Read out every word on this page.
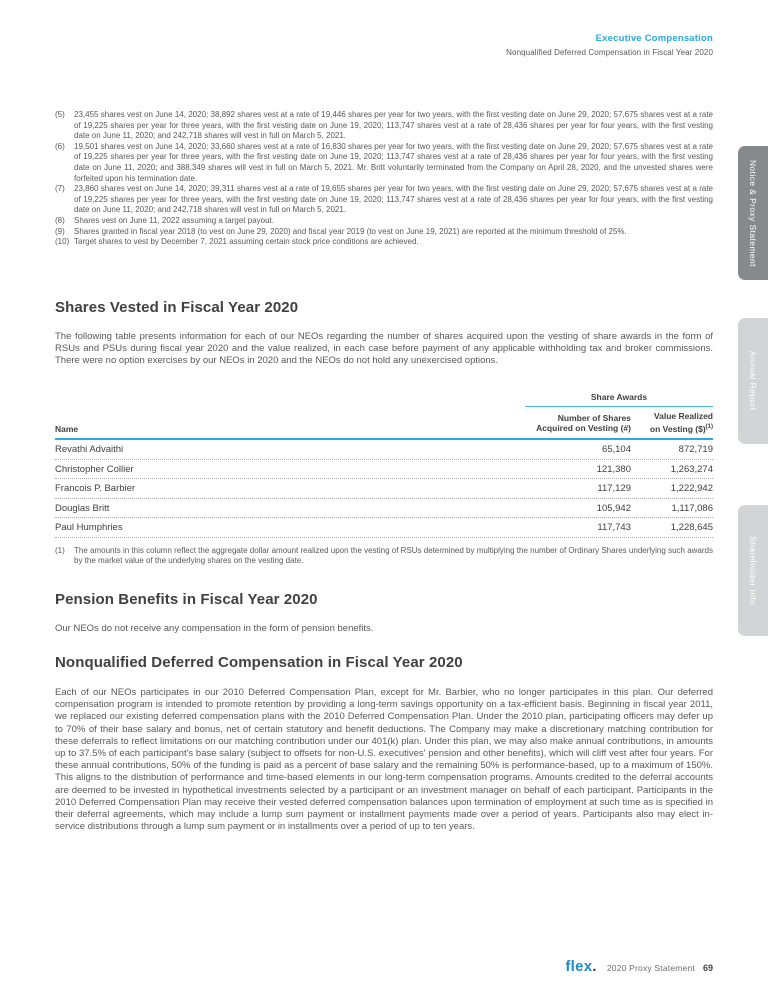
Executive Compensation
Nonqualified Deferred Compensation in Fiscal Year 2020
Notice & Proxy Statement
Annual Report
Shareholder Info
(5)	23,455 shares vest on June 14, 2020; 38,892 shares vest at a rate of 19,446 shares per year for two years, with the first vesting date on June 29, 2020; 57,675 shares vest at a rate of 19,225 shares per year for three years, with the first vesting date on June 19, 2020; 113,747 shares vest at a rate of 28,436 shares per year for four years, with the first vesting date on June 11, 2020; and 242,718 shares will vest in full on March 5, 2021.
(6)	19,501 shares vest on June 14, 2020; 33,660 shares vest at a rate of 16,830 shares per year for two years, with the first vesting date on June 29, 2020; 57,675 shares vest at a rate of 19,225 shares per year for three years, with the first vesting date on June 19, 2020; 113,747 shares vest at a rate of 28,436 shares per year for four years, with the first vesting date on June 11, 2020; and 388,349 shares will vest in full on March 5, 2021. Mr. Britt voluntarily terminated from the Company on April 28, 2020, and the unvested shares were forfeited upon his termination date.
(7)	23,860 shares vest on June 14, 2020; 39,311 shares vest at a rate of 19,655 shares per year for two years, with the first vesting date on June 29, 2020; 57,675 shares vest at a rate of 19,225 shares per year for three years, with the first vesting date on June 19, 2020; 113,747 shares vest at a rate of 28,436 shares per year for four years, with the first vesting date on June 11, 2020; and 242,718 shares will vest in full on March 5, 2021.
(8)	Shares vest on June 11, 2022 assuming a target payout.
(9)	Shares granted in fiscal year 2018 (to vest on June 29, 2020) and fiscal year 2019 (to vest on June 19, 2021) are reported at the minimum threshold of 25%.
(10) Target shares to vest by December 7, 2021 assuming certain stock price conditions are achieved.
Shares Vested in Fiscal Year 2020
The following table presents information for each of our NEOs regarding the number of shares acquired upon the vesting of share awards in the form of RSUs and PSUs during fiscal year 2020 and the value realized, in each case before payment of any applicable withholding tax and broker commissions. There were no option exercises by our NEOs in 2020 and the NEOs do not hold any unexercised options.
Share Awards
Name
Number of Shares Acquired on Vesting (#)
Value Realized on Vesting ($)$^{(1)}$
Revathi Advaithi	65,104	872,719
Christopher Collier	121,380	1,263,274
Francois P. Barbier	117,129	1,222,942
Douglas Britt	105,942	1,117,086
Paul Humphries	117,743	1,228,645
(1)	The amounts in this column reflect the aggregate dollar amount realized upon the vesting of RSUs determined by multiplying the number of Ordinary Shares underlying such awards by the market value of the underlying shares on the vesting date.
Pension Benefits in Fiscal Year 2020
Our NEOs do not receive any compensation in the form of pension benefits.
Nonqualified Deferred Compensation in Fiscal Year 2020
Each of our NEOs participates in our 2010 Deferred Compensation Plan, except for Mr. Barbier, who no longer participates in this plan. Our deferred compensation program is intended to promote retention by providing a long-term savings opportunity on a tax-efficient basis. Beginning in fiscal year 2011, we replaced our existing deferred compensation plans with the 2010 Deferred Compensation Plan. Under the 2010 plan, participating officers may defer up to 70% of their base salary and bonus, net of certain statutory and benefit deductions. The Company may make a discretionary matching contribution for these deferrals to reflect limitations on our matching contribution under our 401(k) plan. Under this plan, we may also make annual contributions, in amounts up to 37.5% of each participant's base salary (subject to offsets for non-U.S. executives' pension and other benefits), which will cliff vest after four years. For these annual contributions, 50% of the funding is paid as a percent of base salary and the remaining 50% is performance-based, up to a maximum of 150%. This aligns to the distribution of performance and time-based elements in our long-term compensation programs. Amounts credited to the deferral accounts are deemed to be invested in hypothetical investments selected by a participant or an investment manager on behalf of each participant. Participants in the 2010 Deferred Compensation Plan may receive their vested deferred compensation balances upon termination of employment at such time as is specified in their deferral agreements, which may include a lump sum payment or installment payments made over a period of years. Participants also may elect in-service distributions through a lump sum payment or in installments over a period of up to ten years.
flex. 2020 Proxy Statement 69
